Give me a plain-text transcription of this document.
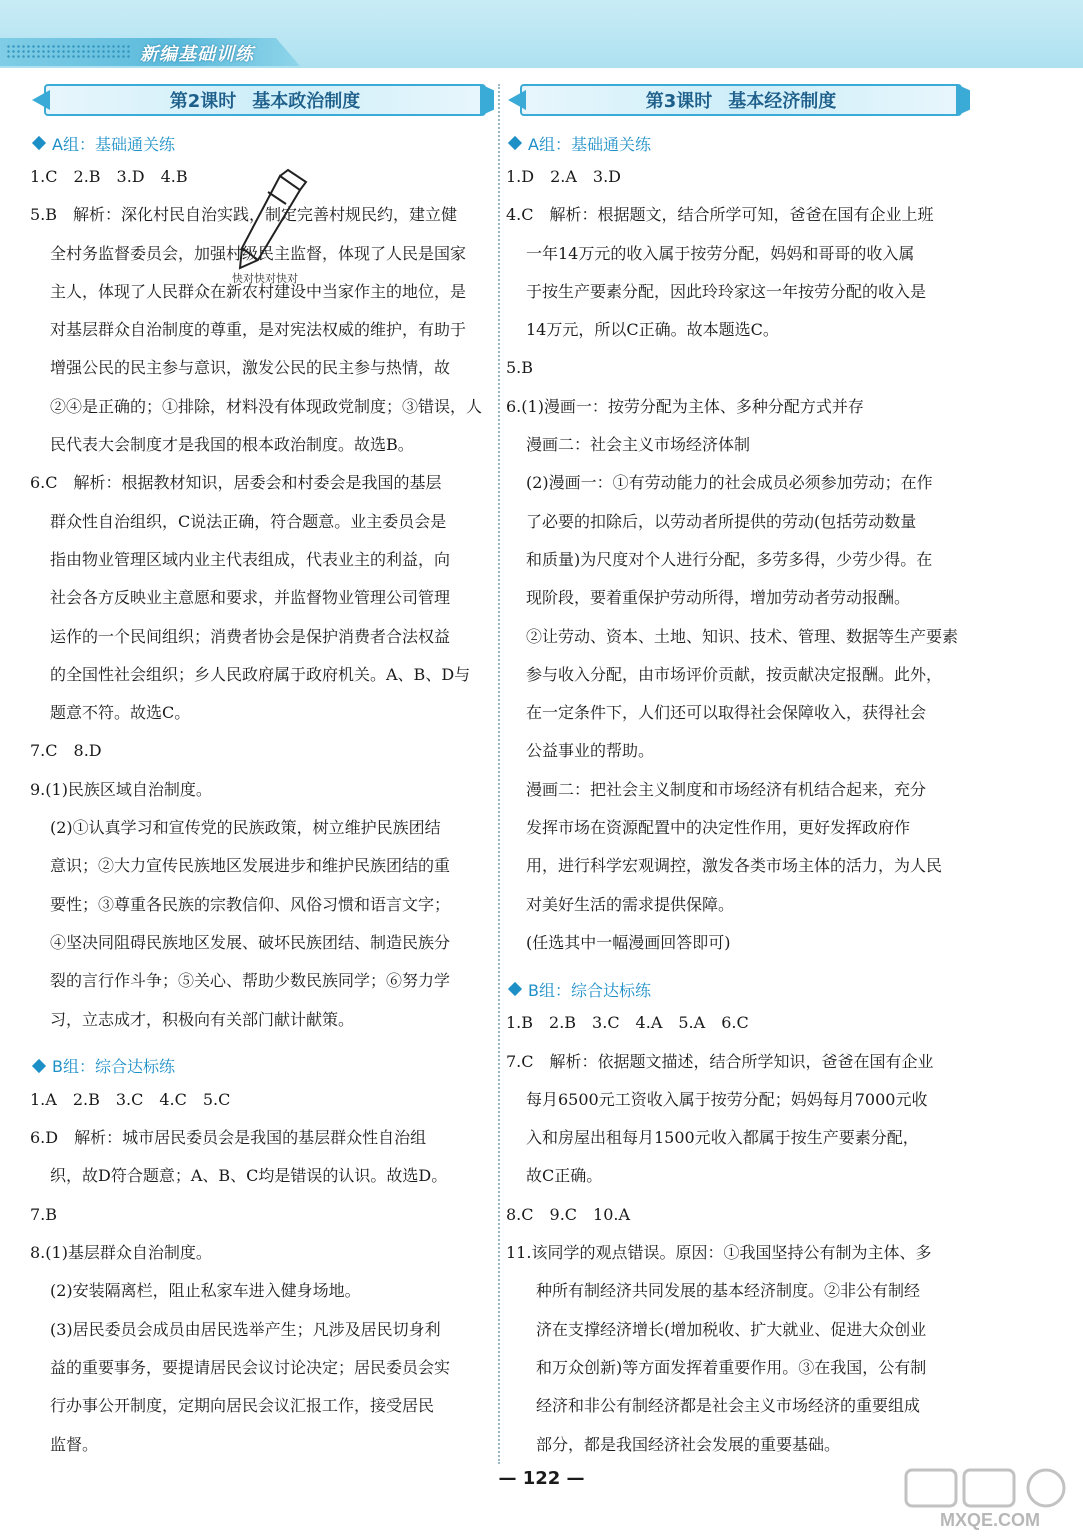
新编基础训练
第2课时 基本政治制度
A组：基础通关练
1.C　2.B　3.D　4.B
5.B　解析：深化村民自治实践，制定完善村规民约，建立健
全村务监督委员会，加强村级民主监督，体现了人民是国家
主人，体现了人民群众在新农村建设中当家作主的地位，是
对基层群众自治制度的尊重，是对宪法权威的维护，有助于
增强公民的民主参与意识，激发公民的民主参与热情，故
②④是正确的；①排除，材料没有体现政党制度；③错误，人
民代表大会制度才是我国的根本政治制度。故选B。
6.C　解析：根据教材知识，居委会和村委会是我国的基层
群众性自治组织，C说法正确，符合题意。业主委员会是
指由物业管理区域内业主代表组成，代表业主的利益，向
社会各方反映业主意愿和要求，并监督物业管理公司管理
运作的一个民间组织；消费者协会是保护消费者合法权益
的全国性社会组织；乡人民政府属于政府机关。A、B、D与
题意不符。故选C。
7.C　8.D
9.(1)民族区域自治制度。
(2)①认真学习和宣传党的民族政策，树立维护民族团结
意识；②大力宣传民族地区发展进步和维护民族团结的重
要性；③尊重各民族的宗教信仰、风俗习惯和语言文字；
④坚决同阻碍民族地区发展、破坏民族团结、制造民族分
裂的言行作斗争；⑤关心、帮助少数民族同学；⑥努力学
习，立志成才，积极向有关部门献计献策。
B组：综合达标练
1.A　2.B　3.C　4.C　5.C
6.D　解析：城市居民委员会是我国的基层群众性自治组
织，故D符合题意；A、B、C均是错误的认识。故选D。
7.B
8.(1)基层群众自治制度。
(2)安装隔离栏，阻止私家车进入健身场地。
(3)居民委员会成员由居民选举产生；凡涉及居民切身利
益的重要事务，要提请居民会议讨论决定；居民委员会实
行办事公开制度，定期向居民会议汇报工作，接受居民
监督。
第3课时 基本经济制度
A组：基础通关练
1.D　2.A　3.D
4.C　解析：根据题文，结合所学可知，爸爸在国有企业上班
一年14万元的收入属于按劳分配，妈妈和哥哥的收入属
于按生产要素分配，因此玲玲家这一年按劳分配的收入是
14万元，所以C正确。故本题选C。
5.B
6.(1)漫画一：按劳分配为主体、多种分配方式并存
漫画二：社会主义市场经济体制
(2)漫画一：①有劳动能力的社会成员必须参加劳动；在作
了必要的扣除后，以劳动者所提供的劳动(包括劳动数量
和质量)为尺度对个人进行分配，多劳多得，少劳少得。在
现阶段，要着重保护劳动所得，增加劳动者劳动报酬。
②让劳动、资本、土地、知识、技术、管理、数据等生产要素
参与收入分配，由市场评价贡献，按贡献决定报酬。此外，
在一定条件下，人们还可以取得社会保障收入，获得社会
公益事业的帮助。
漫画二：把社会主义制度和市场经济有机结合起来，充分
发挥市场在资源配置中的决定性作用，更好发挥政府作
用，进行科学宏观调控，激发各类市场主体的活力，为人民
对美好生活的需求提供保障。
(任选其中一幅漫画回答即可)
B组：综合达标练
1.B　2.B　3.C　4.A　5.A　6.C
7.C　解析：依据题文描述，结合所学知识，爸爸在国有企业
每月6500元工资收入属于按劳分配；妈妈每月7000元收
入和房屋出租每月1500元收入都属于按生产要素分配，
故C正确。
8.C　9.C　10.A
11.该同学的观点错误。原因：①我国坚持公有制为主体、多
种所有制经济共同发展的基本经济制度。②非公有制经
济在支撑经济增长(增加税收、扩大就业、促进大众创业
和万众创新)等方面发挥着重要作用。③在我国，公有制
经济和非公有制经济都是社会主义市场经济的重要组成
部分，都是我国经济社会发展的重要基础。
快对快对快对
MXQE.COM
— 122 —
